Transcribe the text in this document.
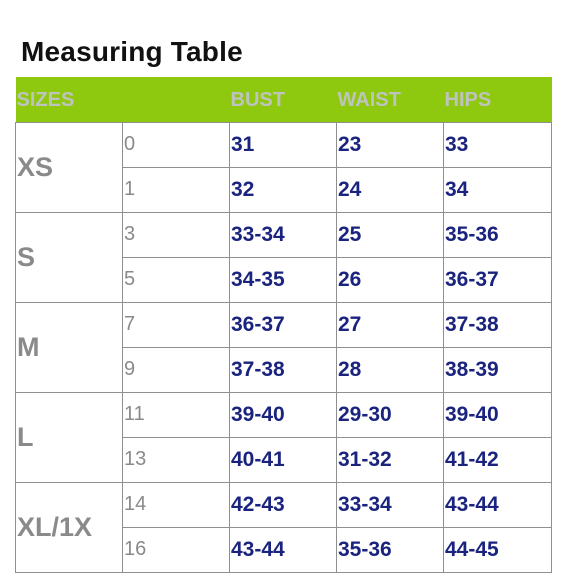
Measuring Table
SIZES		BUST	WAIST	HIPS
XS	0	31	23	33
	1	32	24	34
S	3	33-34	25	35-36
	5	34-35	26	36-37
M	7	36-37	27	37-38
	9	37-38	28	38-39
L	11	39-40	29-30	39-40
	13	40-41	31-32	41-42
XL/1X	14	42-43	33-34	43-44
	16	43-44	35-36	44-45
